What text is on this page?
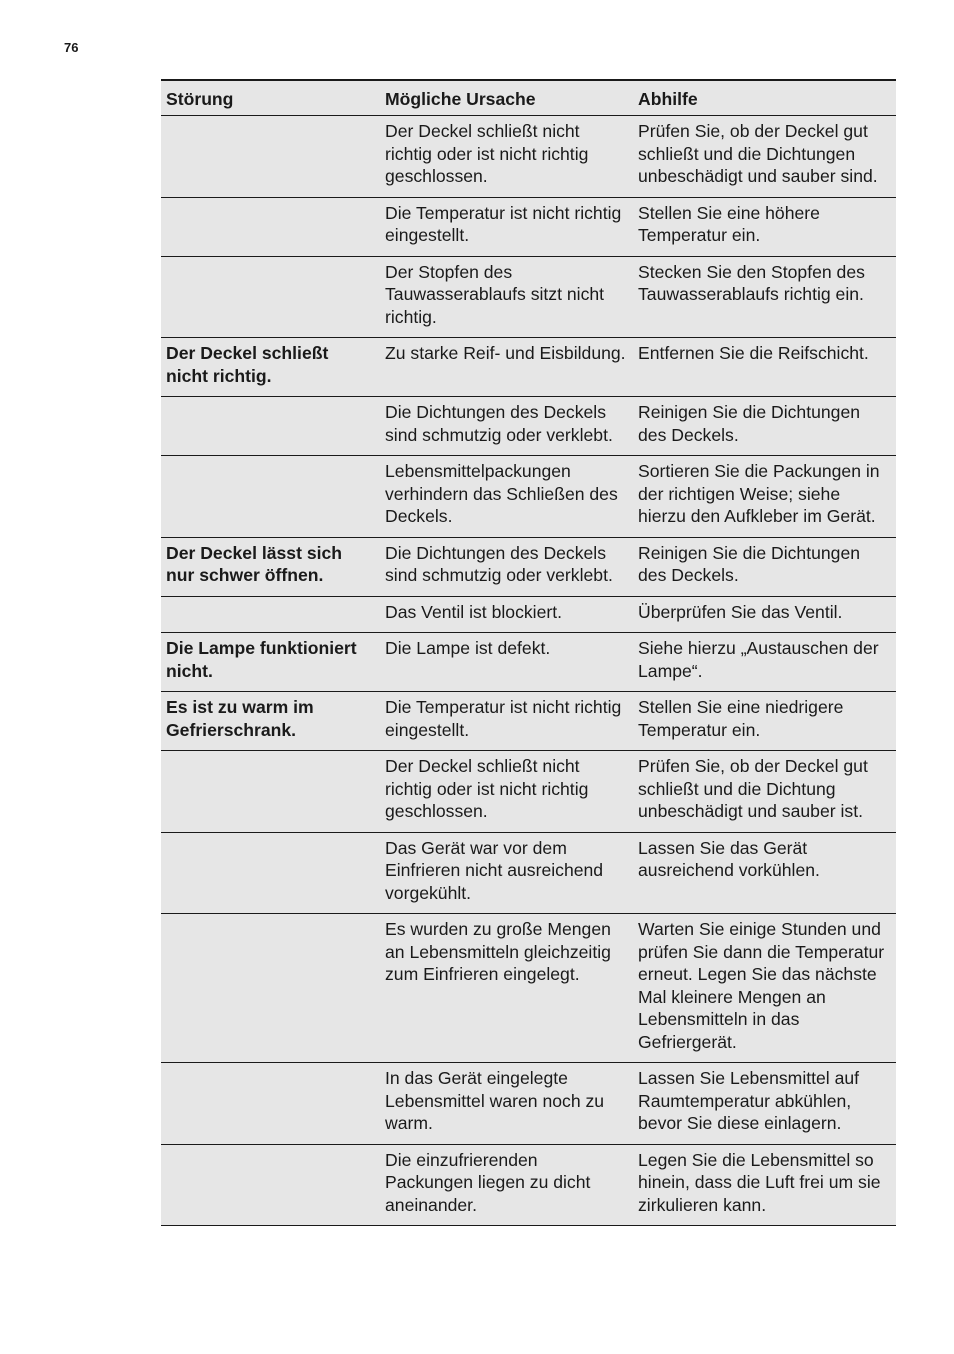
76
Störung	Mögliche Ursache	Abhilfe
	Der Deckel schließt nicht richtig oder ist nicht richtig geschlossen.	Prüfen Sie, ob der Deckel gut schließt und die Dichtungen unbeschädigt und sauber sind.
	Die Temperatur ist nicht richtig eingestellt.	Stellen Sie eine höhere Temperatur ein.
	Der Stopfen des Tauwasserablaufs sitzt nicht richtig.	Stecken Sie den Stopfen des Tauwasserablaufs richtig ein.
Der Deckel schließt nicht richtig.	Zu starke Reif- und Eisbildung.	Entfernen Sie die Reifschicht.
	Die Dichtungen des Deckels sind schmutzig oder verklebt.	Reinigen Sie die Dichtungen des Deckels.
	Lebensmittelpackungen verhindern das Schließen des Deckels.	Sortieren Sie die Packungen in der richtigen Weise; siehe hierzu den Aufkleber im Gerät.
Der Deckel lässt sich nur schwer öffnen.	Die Dichtungen des Deckels sind schmutzig oder verklebt.	Reinigen Sie die Dichtungen des Deckels.
	Das Ventil ist blockiert.	Überprüfen Sie das Ventil.
Die Lampe funktioniert nicht.	Die Lampe ist defekt.	Siehe hierzu „Austauschen der Lampe“.
Es ist zu warm im Gefrierschrank.	Die Temperatur ist nicht richtig eingestellt.	Stellen Sie eine niedrigere Temperatur ein.
	Der Deckel schließt nicht richtig oder ist nicht richtig geschlossen.	Prüfen Sie, ob der Deckel gut schließt und die Dichtung unbeschädigt und sauber ist.
	Das Gerät war vor dem Einfrieren nicht ausreichend vorgekühlt.	Lassen Sie das Gerät ausreichend vorkühlen.
	Es wurden zu große Mengen an Lebensmitteln gleichzeitig zum Einfrieren eingelegt.	Warten Sie einige Stunden und prüfen Sie dann die Temperatur erneut. Legen Sie das nächste Mal kleinere Mengen an Lebensmitteln in das Gefriergerät.
	In das Gerät eingelegte Lebensmittel waren noch zu warm.	Lassen Sie Lebensmittel auf Raumtemperatur abkühlen, bevor Sie diese einlagern.
	Die einzufrierenden Packungen liegen zu dicht aneinander.	Legen Sie die Lebensmittel so hinein, dass die Luft frei um sie zirkulieren kann.
